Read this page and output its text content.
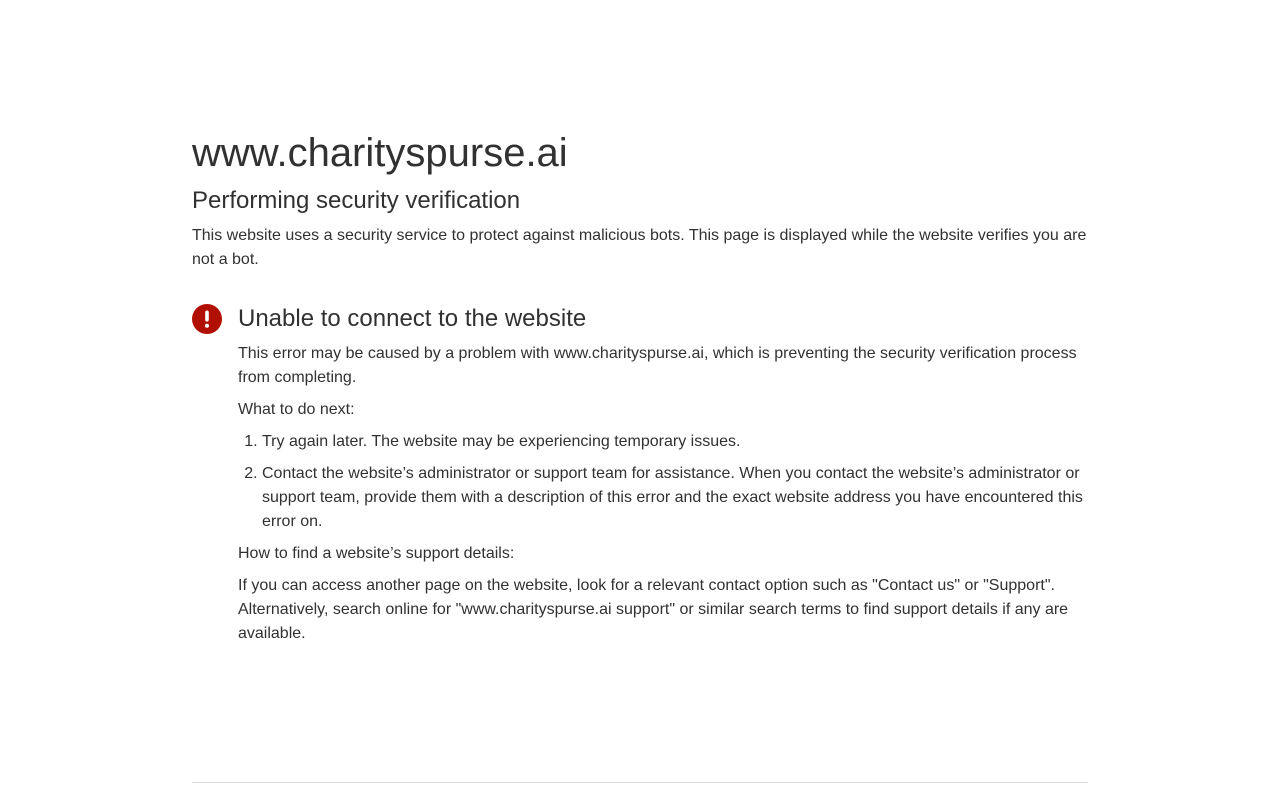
www.charityspurse.ai
Performing security verification

This website uses a security service to protect against malicious bots. This page is displayed while the website verifies you are not a bot.

Unable to connect to the website

This error may be caused by a problem with www.charityspurse.ai, which is preventing the security verification process from completing.

What to do next:

1. Try again later. The website may be experiencing temporary issues.
2. Contact the website’s administrator or support team for assistance. When you contact the website’s administrator or support team, provide them with a description of this error and the exact website address you have encountered this error on.

How to find a website’s support details:

If you can access another page on the website, look for a relevant contact option such as "Contact us" or "Support". Alternatively, search online for "www.charityspurse.ai support" or similar search terms to find support details if any are available.
